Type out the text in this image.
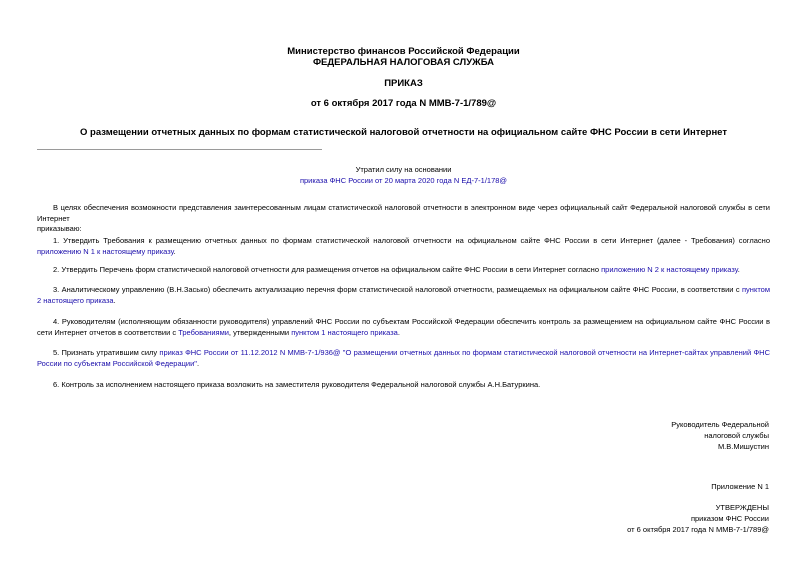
Министерство финансов Российской Федерации
ФЕДЕРАЛЬНАЯ НАЛОГОВАЯ СЛУЖБА
ПРИКАЗ
от 6 октября 2017 года N ММВ-7-1/789@
О размещении отчетных данных по формам статистической налоговой отчетности на официальном сайте ФНС России в сети Интернет
Утратил силу на основании
приказа ФНС России от 20 марта 2020 года N ЕД-7-1/178@
В целях обеспечения возможности представления заинтересованным лицам статистической налоговой отчетности в электронном виде через официальный сайт Федеральной налоговой службы в сети Интернет
приказываю:
1. Утвердить Требования к размещению отчетных данных по формам статистической налоговой отчетности на официальном сайте ФНС России в сети Интернет (далее - Требования) согласно приложению N 1 к настоящему приказу.
2. Утвердить Перечень форм статистической налоговой отчетности для размещения отчетов на официальном сайте ФНС России в сети Интернет согласно приложению N 2 к настоящему приказу.
3. Аналитическому управлению (В.Н.Засько) обеспечить актуализацию перечня форм статистической налоговой отчетности, размещаемых на официальном сайте ФНС России, в соответствии с пунктом 2 настоящего приказа.
4. Руководителям (исполняющим обязанности руководителя) управлений ФНС России по субъектам Российской Федерации обеспечить контроль за размещением на официальном сайте ФНС России в сети Интернет отчетов в соответствии с Требованиями, утвержденными пунктом 1 настоящего приказа.
5. Признать утратившим силу приказ ФНС России от 11.12.2012 N ММВ-7-1/936@ "О размещении отчетных данных по формам статистической налоговой отчетности на Интернет-сайтах управлений ФНС России по субъектам Российской Федерации".
6. Контроль за исполнением настоящего приказа возложить на заместителя руководителя Федеральной налоговой службы А.Н.Батуркина.
Руководитель Федеральной
налоговой службы
М.В.Мишустин
Приложение N 1
УТВЕРЖДЕНЫ
приказом ФНС России
от 6 октября 2017 года N ММВ-7-1/789@
